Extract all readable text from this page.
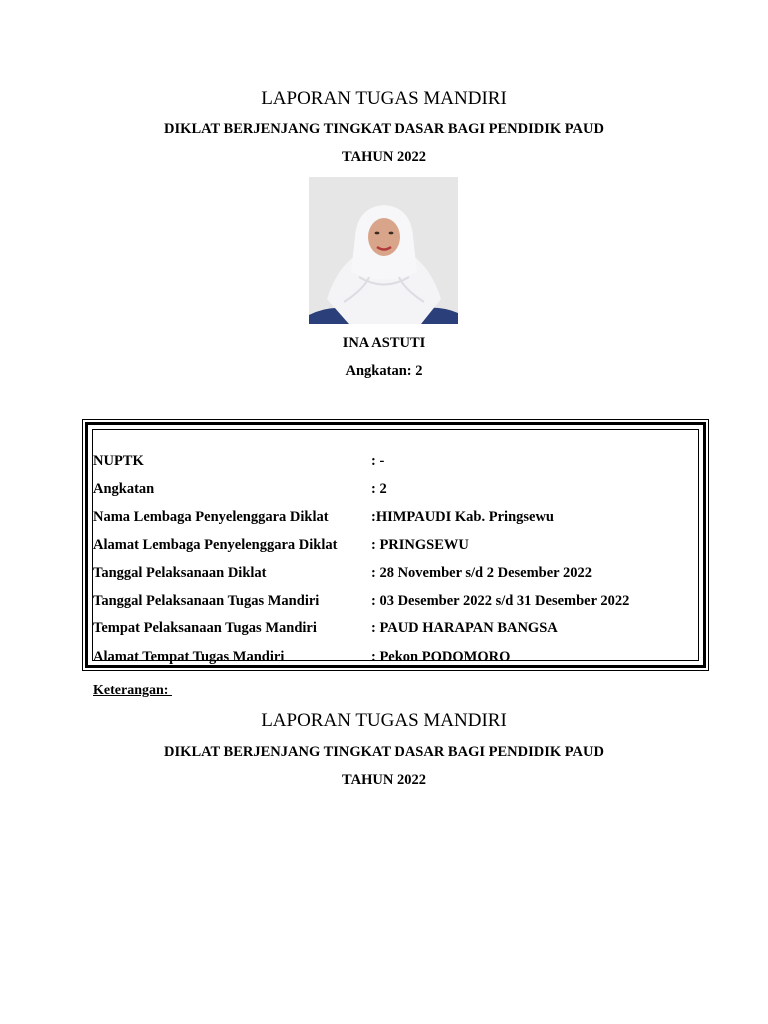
LAPORAN TUGAS MANDIRI

DIKLAT BERJENJANG TINGKAT DASAR BAGI PENDIDIK PAUD

TAHUN 2022

INA ASTUTI

Angkatan: 2

NUPTK	: -
Angkatan	: 2
Nama Lembaga Penyelenggara Diklat	:HIMPAUDI Kab. Pringsewu
Alamat Lembaga Penyelenggara Diklat : PRINGSEWU
Tanggal Pelaksanaan Diklat	: 28 November s/d 2 Desember 2022
Tanggal Pelaksanaan Tugas Mandiri	: 03 Desember 2022 s/d 31 Desember 2022
Tempat Pelaksanaan Tugas Mandiri	: PAUD HARAPAN BANGSA
Alamat Tempat Tugas Mandiri	: Pekon PODOMORO
Keterangan:

LAPORAN TUGAS MANDIRI

DIKLAT BERJENJANG TINGKAT DASAR BAGI PENDIDIK PAUD

TAHUN 2022
